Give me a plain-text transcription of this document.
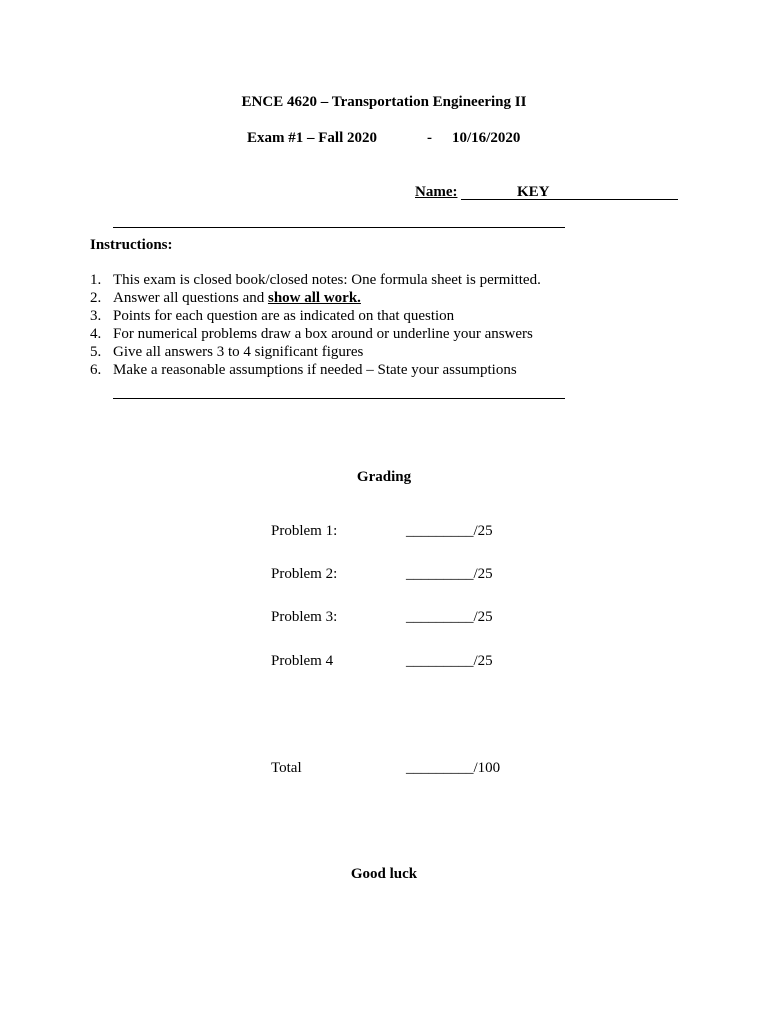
ENCE 4620 – Transportation Engineering II
Exam #1 – Fall 2020	- 10/16/2020
Name:	KEY
Instructions:
1. This exam is closed book/closed notes: One formula sheet is permitted.
2. Answer all questions and show all work.
3. Points for each question are as indicated on that question
4. For numerical problems draw a box around or underline your answers
5. Give all answers 3 to 4 significant figures
6. Make a reasonable assumptions if needed – State your assumptions
Grading
Problem 1:	_________/25
Problem 2:	_________/25
Problem 3:	_________/25
Problem 4	_________/25
Total	_________/100
Good luck
